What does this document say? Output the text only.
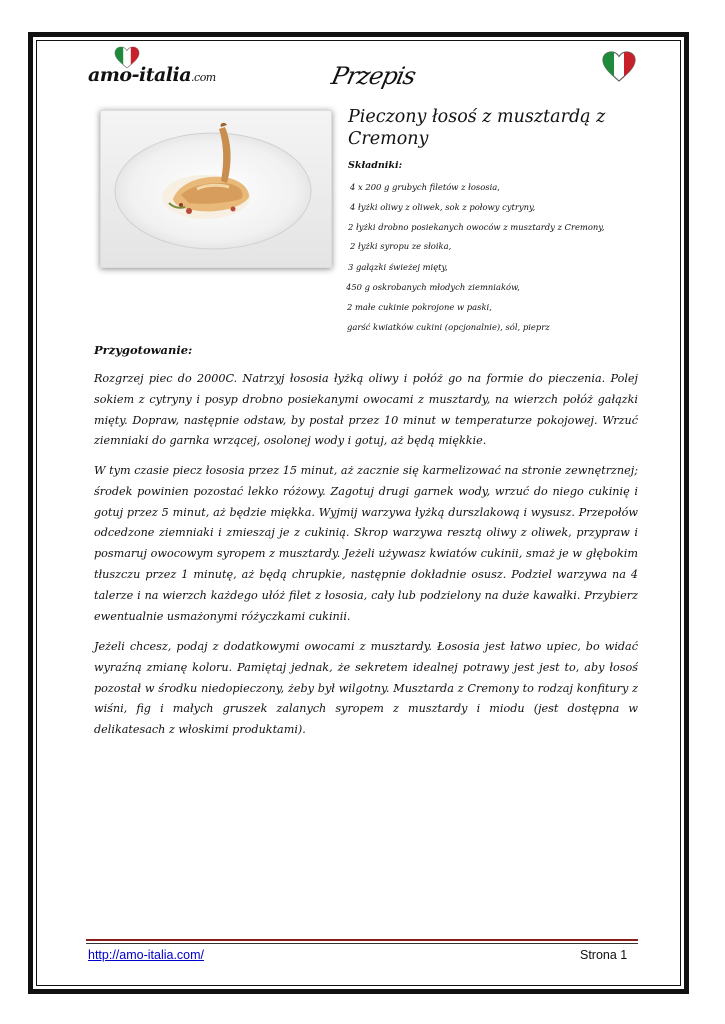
amo-italia.com	Przepis
Pieczony łosoś z musztardą z Cremony
Składniki:
4 x 200 g grubych filetów z łososia,
4 łyżki oliwy z oliwek, sok z połowy cytryny,
2 łyżki drobno posiekanych owoców z musztardy z Cremony,
2 łyżki syropu ze słoika,
3 gałązki świeżej mięty,
450 g oskrobanych młodych ziemniaków,
2 małe cukinie pokrojone w paski,
garść kwiatków cukini (opcjonalnie), sól, pieprz
Przygotowanie:

Rozgrzej piec do 2000C. Natrzyj łososia łyżką oliwy i połóż go na formie do pieczenia. Polej sokiem z cytryny i posyp drobno posiekanymi owocami z musztardy, na wierzch połóż gałązki mięty. Dopraw, następnie odstaw, by postał przez 10 minut w temperaturze pokojowej. Wrzuć ziemniaki do garnka wrzącej, osolonej wody i gotuj, aż będą miękkie.

W tym czasie piecz łososia przez 15 minut, aż zacznie się karmelizować na stronie zewnętrznej; środek powinien pozostać lekko różowy. Zagotuj drugi garnek wody, wrzuć do niego cukinię i gotuj przez 5 minut, aż będzie miękka. Wyjmij warzywa łyżką durszlakową i wysusz. Przepołów odcedzone ziemniaki i zmieszaj je z cukinią. Skrop warzywa resztą oliwy z oliwek, przypraw i posmaruj owocowym syropem z musztardy. Jeżeli używasz kwiatów cukinii, smaż je w głębokim tłuszczu przez 1 minutę, aż będą chrupkie, następnie dokładnie osusz. Podziel warzywa na 4 talerze i na wierzch każdego ułóż filet z łososia, cały lub podzielony na duże kawałki. Przybierz ewentualnie usmażonymi różyczkami cukinii.

Jeżeli chcesz, podaj z dodatkowymi owocami z musztardy. Łososia jest łatwo upiec, bo widać wyraźną zmianę koloru. Pamiętaj jednak, że sekretem idealnej potrawy jest jest to, aby łosoś pozostał w środku niedopieczony, żeby był wilgotny. Musztarda z Cremony to rodzaj konfitury z wiśni, fig i małych gruszek zalanych syropem z musztardy i miodu (jest dostępna w delikatesach z włoskimi produktami).

http://amo-italia.com/	Strona 1
